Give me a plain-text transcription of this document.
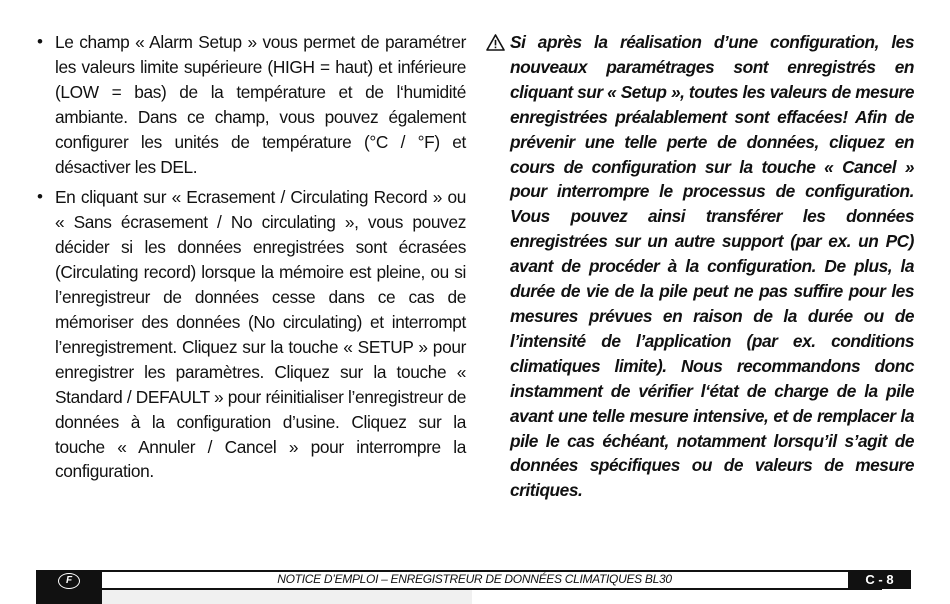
• Le champ « Alarm Setup » vous permet de paramétrer les valeurs limite supérieure (HIGH = haut) et inférieure (LOW = bas) de la température et de l‘humidité ambiante. Dans ce champ, vous pouvez également configurer les unités de température (°C / °F) et désactiver les DEL.

• En cliquant sur « Ecrasement / Circulating Record » ou « Sans écrasement / No circulating », vous pouvez décider si les données enregistrées sont écrasées (Circulating record) lorsque la mémoire est pleine, ou si l’enregistreur de données cesse dans ce cas de mémoriser des données (No circulating) et interrompt l’enregistrement. Cliquez sur la touche « SETUP » pour enregistrer les paramètres. Cliquez sur la touche « Standard / DEFAULT » pour réinitialiser l’enregistreur de données à la configuration d’usine. Cliquez sur la touche « Annuler / Cancel » pour interrompre la configuration.

Si après la réalisation d’une configuration, les nouveaux paramétrages sont enregistrés en cliquant sur « Setup », toutes les valeurs de mesure enregistrées préalablement sont effacées! Afin de prévenir une telle perte de données, cliquez en cours de configuration sur la touche « Cancel » pour interrompre le processus de configuration. Vous pouvez ainsi transférer les données enregistrées sur un autre support (par ex. un PC) avant de procéder à la configuration. De plus, la durée de vie de la pile peut ne pas suffire pour les mesures prévues en raison de la durée ou de l’intensité de l’application (par ex. conditions climatiques limite). Nous recommandons donc instamment de vérifier l‘état de charge de la pile avant une telle mesure intensive, et de remplacer la pile le cas échéant, notamment lorsqu’il s’agit de données spécifiques ou de valeurs de mesure critiques.
F	NOTICE D’EMPLOI – ENREGISTREUR DE DONNÉES CLIMATIQUES BL30	C - 8
